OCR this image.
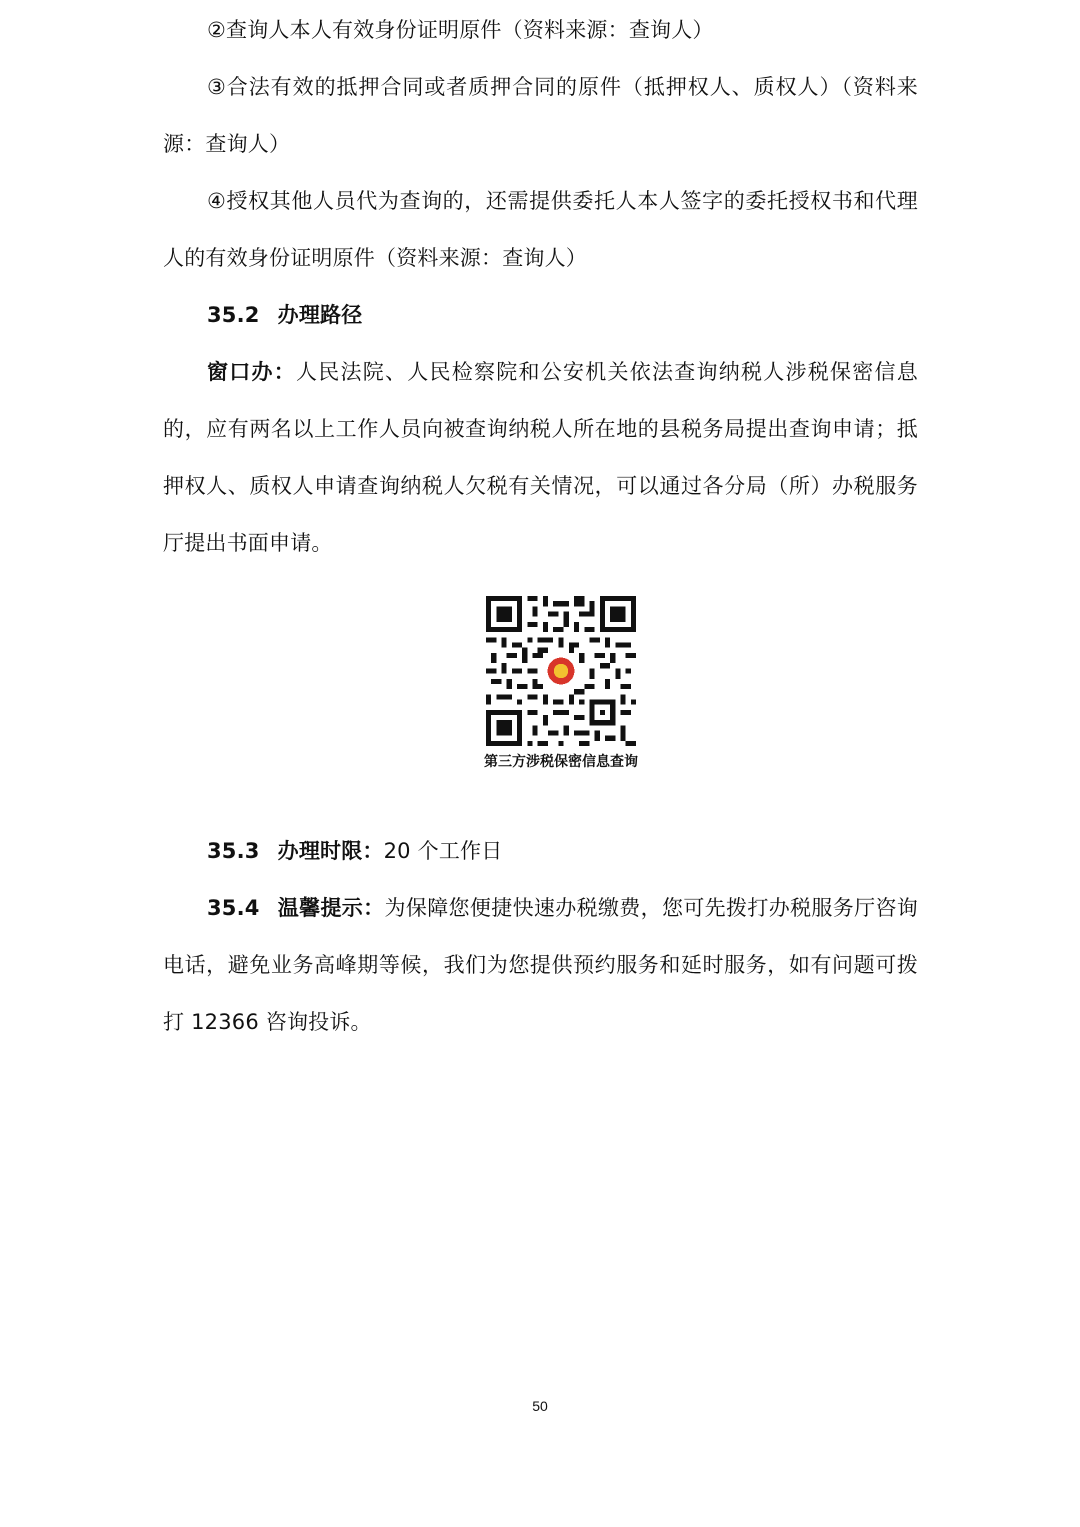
②查询人本人有效身份证明原件（资料来源：查询人）

③合法有效的抵押合同或者质押合同的原件（抵押权人、质权人）（资料来源：查询人）

④授权其他人员代为查询的，还需提供委托人本人签字的委托授权书和代理人的有效身份证明原件（资料来源：查询人）

35.2 办理路径

窗口办：人民法院、人民检察院和公安机关依法查询纳税人涉税保密信息的，应有两名以上工作人员向被查询纳税人所在地的县税务局提出查询申请；抵押权人、质权人申请查询纳税人欠税有关情况，可以通过各分局（所）办税服务厅提出书面申请。

第三方涉税保密信息查询

35.3 办理时限：20 个工作日

35.4 温馨提示：为保障您便捷快速办税缴费，您可先拨打办税服务厅咨询电话，避免业务高峰期等候，我们为您提供预约服务和延时服务，如有问题可拨打 12366 咨询投诉。

50
